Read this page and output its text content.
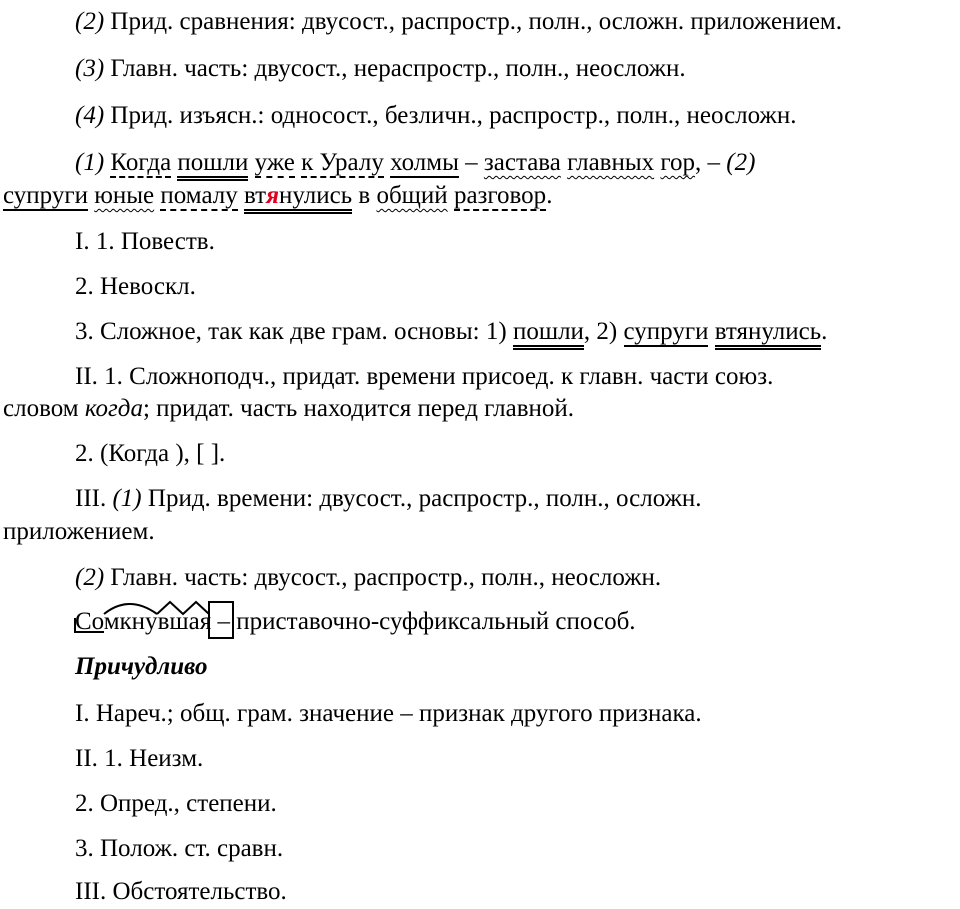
(2) Прид. сравнения: двусост., распростр., полн., осложн. приложением.
(3) Главн. часть: двусост., нераспростр., полн., неосложн.
(4) Прид. изъясн.: односост., безличн., распростр., полн., неосложн.
(1) Когда пошли уже к Уралу холмы – застава главных гор, – (2)
супруги юные помалу втянулись в общий разговор.
I. 1. Повеств.
2. Невоскл.
3. Сложное, так как две грам. основы: 1) пошли, 2) супруги втянулись.
II. 1. Сложноподч., придат. времени присоед. к главн. части союз.
словом когда; придат. часть находится перед главной.
2. (Когда ), [ ].
III. (1) Прид. времени: двусост., распростр., полн., осложн.
приложением.
(2) Главн. часть: двусост., распростр., полн., неосложн.
Сомкнувшая – приставочно-суффиксальный способ.
Причудливо
I. Нареч.; общ. грам. значение – признак другого признака.
II. 1. Неизм.
2. Опред., степени.
3. Полож. ст. сравн.
III. Обстоятельство.
